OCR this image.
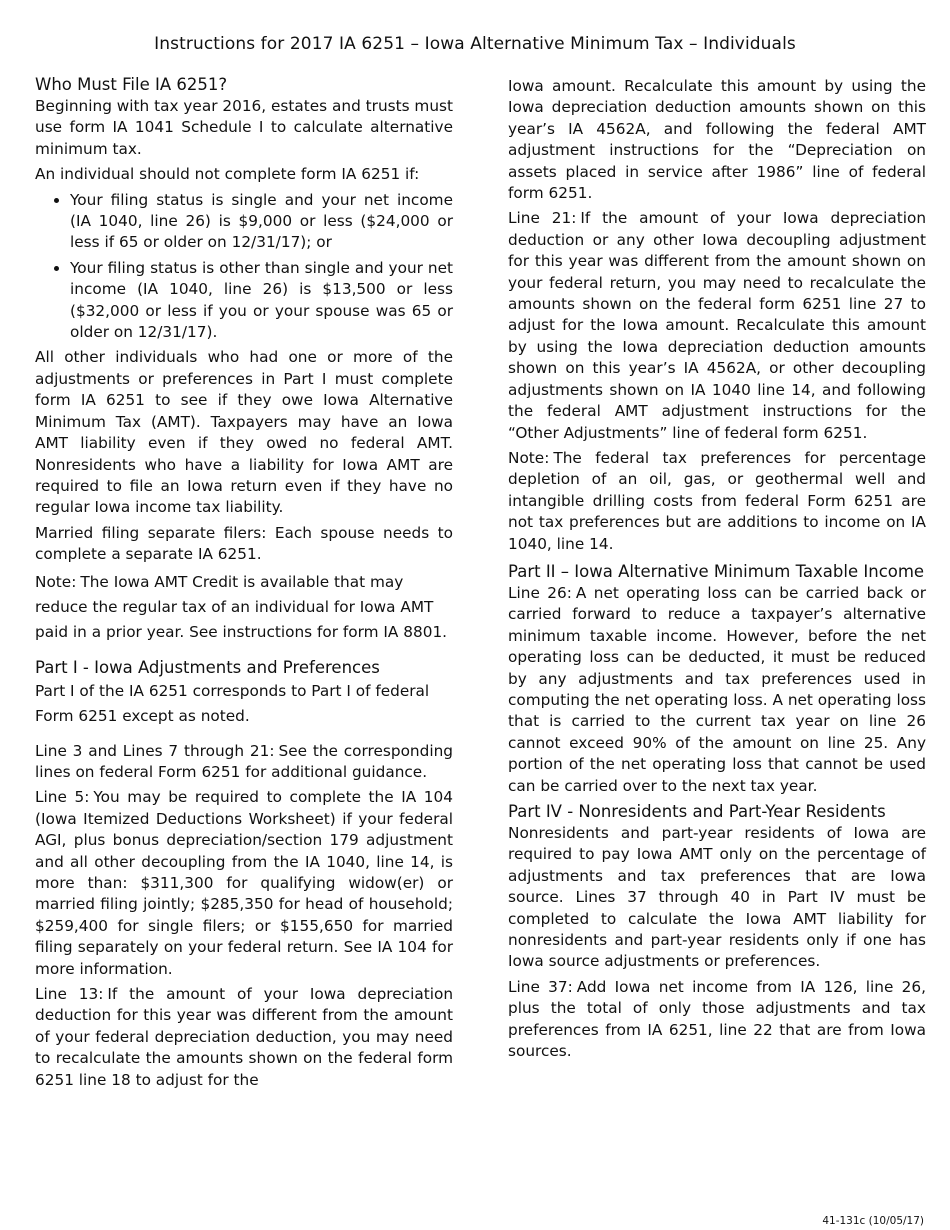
Instructions for 2017 IA 6251 – Iowa Alternative Minimum Tax – Individuals
Who Must File IA 6251?

Beginning with tax year 2016, estates and trusts must use form IA 1041 Schedule I to calculate alternative minimum tax.

An individual should not complete form IA 6251 if:

• Your filing status is single and your net income (IA 1040, line 26) is $9,000 or less ($24,000 or less if 65 or older on 12/31/17); or
• Your filing status is other than single and your net income (IA 1040, line 26) is $13,500 or less ($32,000 or less if you or your spouse was 65 or older on 12/31/17).

All other individuals who had one or more of the adjustments or preferences in Part I must complete form IA 6251 to see if they owe Iowa Alternative Minimum Tax (AMT). Taxpayers may have an Iowa AMT liability even if they owed no federal AMT. Nonresidents who have a liability for Iowa AMT are required to file an Iowa return even if they have no regular Iowa income tax liability.

Married filing separate filers: Each spouse needs to complete a separate IA 6251.

Note: The Iowa AMT Credit is available that may reduce the regular tax of an individual for Iowa AMT paid in a prior year. See instructions for form IA 8801.

Part I - Iowa Adjustments and Preferences

Part I of the IA 6251 corresponds to Part I of federal Form 6251 except as noted.

Line 3 and Lines 7 through 21: See the corresponding lines on federal Form 6251 for additional guidance.

Line 5: You may be required to complete the IA 104 (Iowa Itemized Deductions Worksheet) if your federal AGI, plus bonus depreciation/section 179 adjustment and all other decoupling from the IA 1040, line 14, is more than: $311,300 for qualifying widow(er) or married filing jointly; $285,350 for head of household; $259,400 for single filers; or $155,650 for married filing separately on your federal return. See IA 104 for more information.

Line 13: If the amount of your Iowa depreciation deduction for this year was different from the amount of your federal depreciation deduction, you may need to recalculate the amounts shown on the federal form 6251 line 18 to adjust for the

Iowa amount. Recalculate this amount by using the Iowa depreciation deduction amounts shown on this year’s IA 4562A, and following the federal AMT adjustment instructions for the “Depreciation on assets placed in service after 1986” line of federal form 6251.

Line 21: If the amount of your Iowa depreciation deduction or any other Iowa decoupling adjustment for this year was different from the amount shown on your federal return, you may need to recalculate the amounts shown on the federal form 6251 line 27 to adjust for the Iowa amount. Recalculate this amount by using the Iowa depreciation deduction amounts shown on this year’s IA 4562A, or other decoupling adjustments shown on IA 1040 line 14, and following the federal AMT adjustment instructions for the “Other Adjustments” line of federal form 6251.

Note: The federal tax preferences for percentage depletion of an oil, gas, or geothermal well and intangible drilling costs from federal Form 6251 are not tax preferences but are additions to income on IA 1040, line 14.

Part II – Iowa Alternative Minimum Taxable Income

Line 26: A net operating loss can be carried back or carried forward to reduce a taxpayer’s alternative minimum taxable income. However, before the net operating loss can be deducted, it must be reduced by any adjustments and tax preferences used in computing the net operating loss. A net operating loss that is carried to the current tax year on line 26 cannot exceed 90% of the amount on line 25. Any portion of the net operating loss that cannot be used can be carried over to the next tax year.

Part IV - Nonresidents and Part-Year Residents

Nonresidents and part-year residents of Iowa are required to pay Iowa AMT only on the percentage of adjustments and tax preferences that are Iowa source. Lines 37 through 40 in Part IV must be completed to calculate the Iowa AMT liability for nonresidents and part-year residents only if one has Iowa source adjustments or preferences.

Line 37: Add Iowa net income from IA 126, line 26, plus the total of only those adjustments and tax preferences from IA 6251, line 22 that are from Iowa sources.

41-131c (10/05/17)
